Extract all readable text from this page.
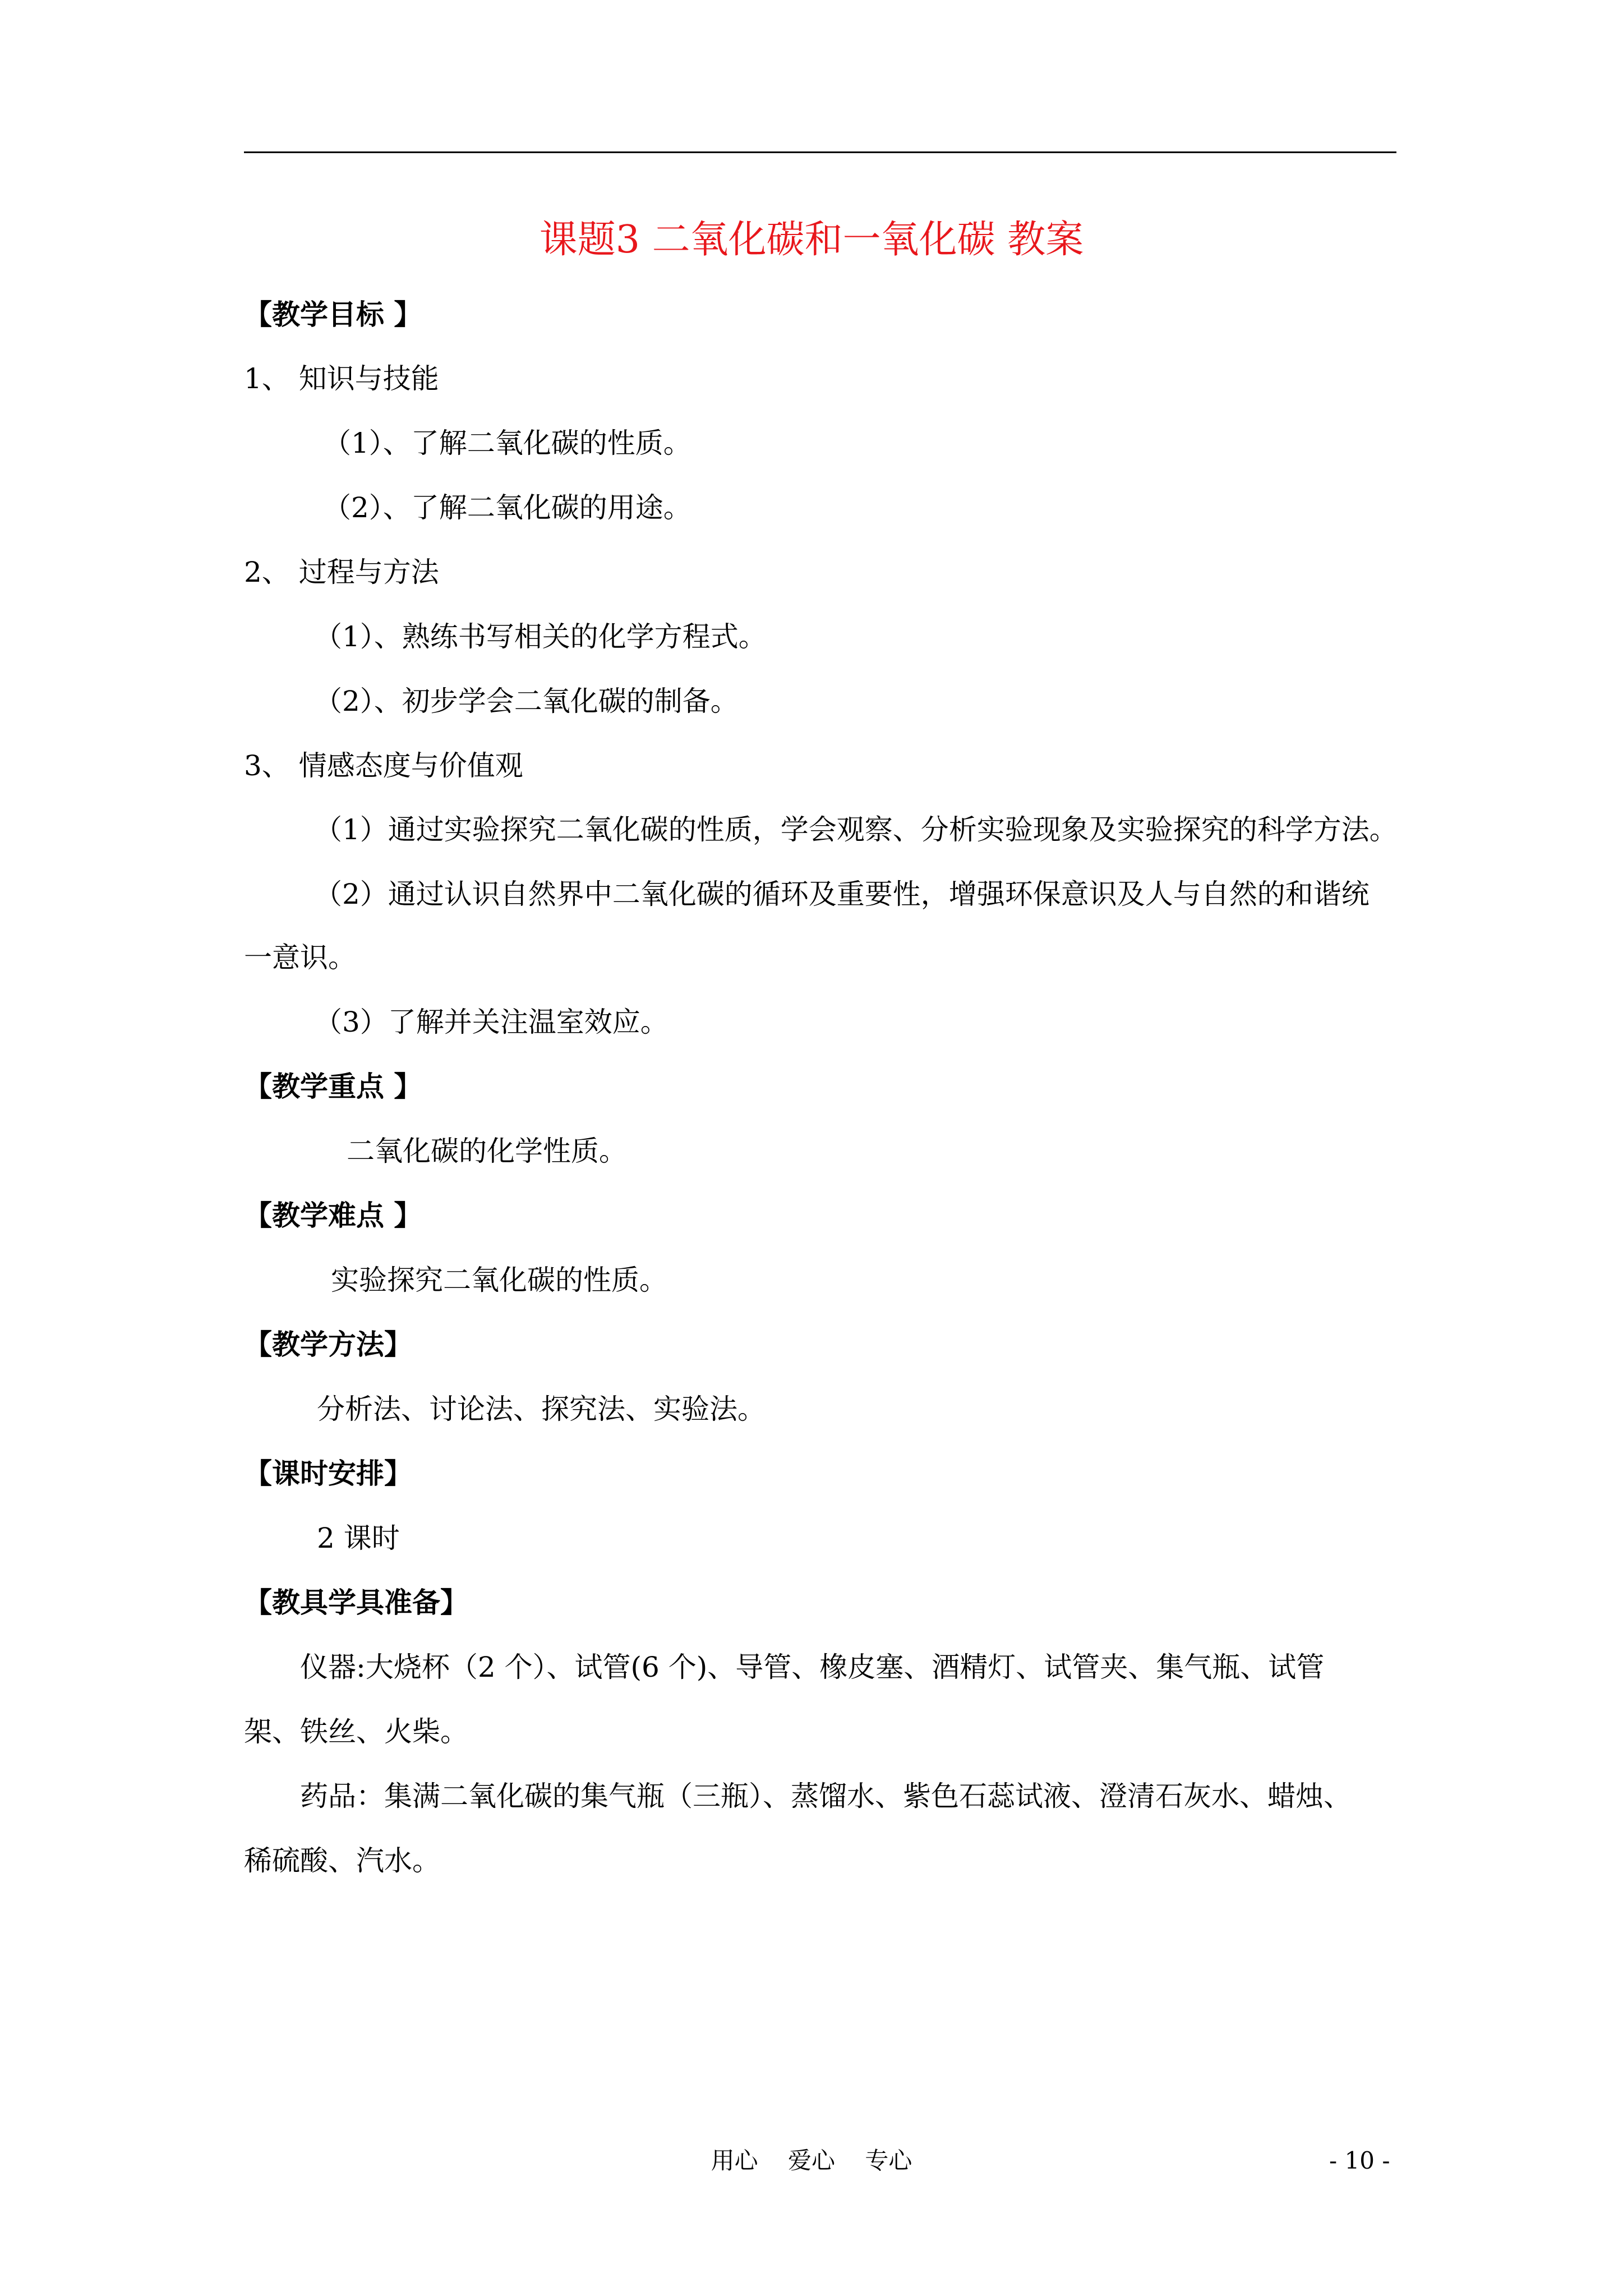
课题3 二氧化碳和一氧化碳 教案
【教学目标 】
1、 知识与技能
（1）、了解二氧化碳的性质。
（2）、了解二氧化碳的用途。
2、 过程与方法
（1）、熟练书写相关的化学方程式。
（2）、初步学会二氧化碳的制备。
3、 情感态度与价值观
（1）通过实验探究二氧化碳的性质，学会观察、分析实验现象及实验探究的科学方法。
（2）通过认识自然界中二氧化碳的循环及重要性，增强环保意识及人与自然的和谐统
一意识。
（3）了解并关注温室效应。
【教学重点 】
二氧化碳的化学性质。
【教学难点 】
实验探究二氧化碳的性质。
【教学方法】
分析法、讨论法、探究法、实验法。
【课时安排】
2 课时
【教具学具准备】
仪器:大烧杯（2 个）、试管(6 个)、导管、橡皮塞、酒精灯、试管夹、集气瓶、试管
架、铁丝、火柴。
药品：集满二氧化碳的集气瓶（三瓶）、蒸馏水、紫色石蕊试液、澄清石灰水、蜡烛、
稀硫酸、汽水。
用心    爱心    专心	- 10 -
